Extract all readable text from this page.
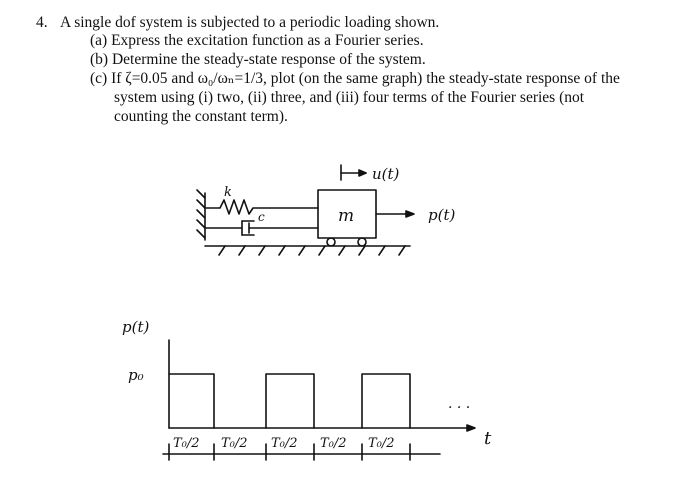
4. A single dof system is subjected to a periodic loading shown.
(a) Express the excitation function as a Fourier series.
(b) Determine the steady-state response of the system.
(c) If ζ=0.05 and ω₀/ωₙ=1/3, plot (on the same graph) the steady-state response of the
system using (i) two, (ii) three, and (iii) four terms of the Fourier series (not
counting the constant term).
u(t)
k
c	m	p(t)
p(t)
p₀
t
. . .
T₀/2 T₀/2 T₀/2 T₀/2 T₀/2
